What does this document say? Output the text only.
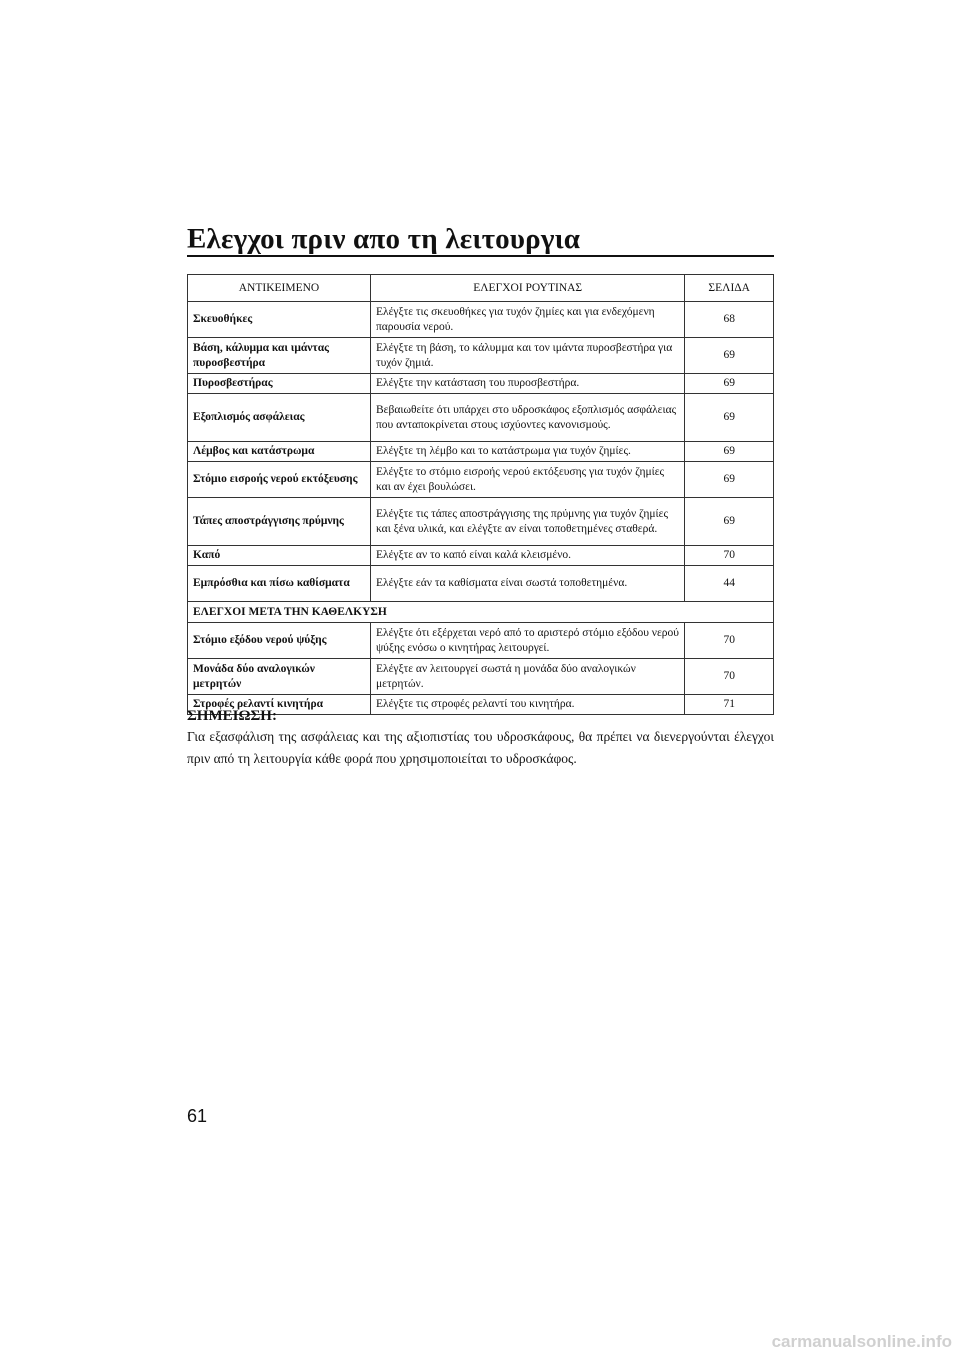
Ελεγχοι πριν απο τη λειτουργια
ΑΝΤΙΚΕΙΜΕΝΟ	ΕΛΕΓΧΟΙ ΡΟΥΤΙΝΑΣ	ΣΕΛΙΔΑ
Σκευοθήκες	Ελέγξτε τις σκευοθήκες για τυχόν ζημίες και για ενδεχόμενη παρουσία νερού.	68
Βάση, κάλυμμα και ιμάντας πυροσβεστήρα	Ελέγξτε τη βάση, το κάλυμμα και τον ιμάντα πυροσβεστήρα για τυχόν ζημιά.	69
Πυροσβεστήρας	Ελέγξτε την κατάσταση του πυροσβεστήρα.	69
Εξοπλισμός ασφάλειας	Βεβαιωθείτε ότι υπάρχει στο υδροσκάφος εξοπλισμός ασφάλειας που ανταποκρίνεται στους ισχύοντες κανονισμούς.	69
Λέμβος και κατάστρωμα	Ελέγξτε τη λέμβο και το κατάστρωμα για τυχόν ζημίες.	69
Στόμιο εισροής νερού εκτόξευσης	Ελέγξτε το στόμιο εισροής νερού εκτόξευσης για τυχόν ζημίες και αν έχει βουλώσει.	69
Τάπες αποστράγγισης πρύμνης	Ελέγξτε τις τάπες αποστράγγισης της πρύμνης για τυχόν ζημίες και ξένα υλικά, και ελέγξτε αν είναι τοποθετημένες σταθερά.	69
Καπό	Ελέγξτε αν το καπό είναι καλά κλεισμένο.	70
Εμπρόσθια και πίσω καθίσματα	Ελέγξτε εάν τα καθίσματα είναι σωστά τοποθετημένα.	44
ΕΛΕΓΧΟΙ ΜΕΤΑ ΤΗΝ ΚΑΘΕΛΚΥΣΗ		
Στόμιο εξόδου νερού ψύξης	Ελέγξτε ότι εξέρχεται νερό από το αριστερό στόμιο εξόδου νερού ψύξης ενόσω ο κινητήρας λειτουργεί.	70
Μονάδα δύο αναλογικών μετρητών	Ελέγξτε αν λειτουργεί σωστά η μονάδα δύο αναλογικών μετρητών.	70
Στροφές ρελαντί κινητήρα	Ελέγξτε τις στροφές ρελαντί του κινητήρα.	71

ΣΗΜΕΙΩΣΗ:

Για εξασφάλιση της ασφάλειας και της αξιοπιστίας του υδροσκάφους, θα πρέπει να διενεργούνται έλεγχοι πριν από τη λειτουργία κάθε φορά που χρησιμοποιείται το υδροσκάφος.

61
carmanualsonline.info
